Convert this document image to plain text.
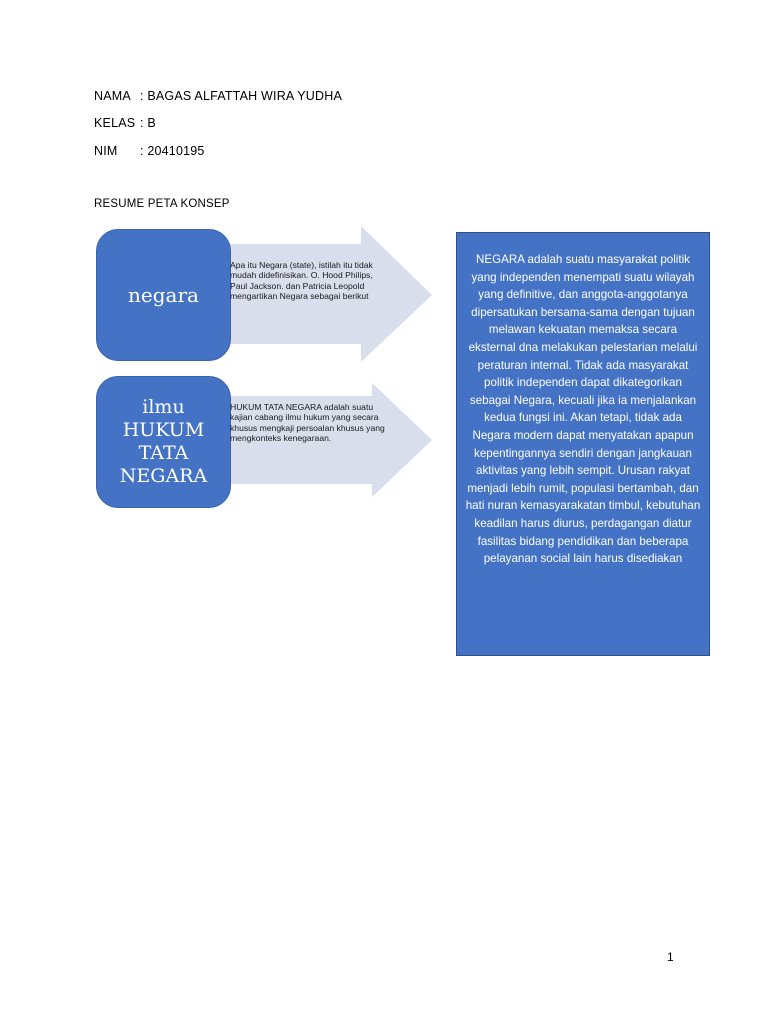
NAMA : BAGAS ALFATTAH WIRA YUDHA
KELAS : B
NIM : 20410195
RESUME PETA KONSEP
negara
Apa itu Negara (state), istilah itu tidak mudah didefinisikan. O. Hood Philips, Paul Jackson. dan Patricia Leopold mengartikan Negara sebagai berikut
ilmu
HUKUM
TATA
NEGARA
HUKUM TATA NEGARA adalah suatu kajian cabang ilmu hukum yang secara khusus mengkaji persoalan khusus yang mengkonteks kenegaraan.
NEGARA adalah suatu masyarakat politik yang independen menempati suatu wilayah yang definitive, dan anggota-anggotanya dipersatukan bersama-sama dengan tujuan melawan kekuatan memaksa secara eksternal dna melakukan pelestarian melalui peraturan internal. Tidak ada masyarakat politik independen dapat dikategorikan sebagai Negara, kecuali jika ia menjalankan kedua fungsi ini. Akan tetapi, tidak ada Negara modern dapat menyatakan apapun kepentingannya sendiri dengan jangkauan aktivitas yang lebih sempit. Urusan rakyat menjadi lebih rumit, populasi bertambah, dan hati nuran kemasyarakatan timbul, kebutuhan keadilan harus diurus, perdagangan diatur fasilitas bidang pendidikan dan beberapa pelayanan social lain harus disediakan
1
